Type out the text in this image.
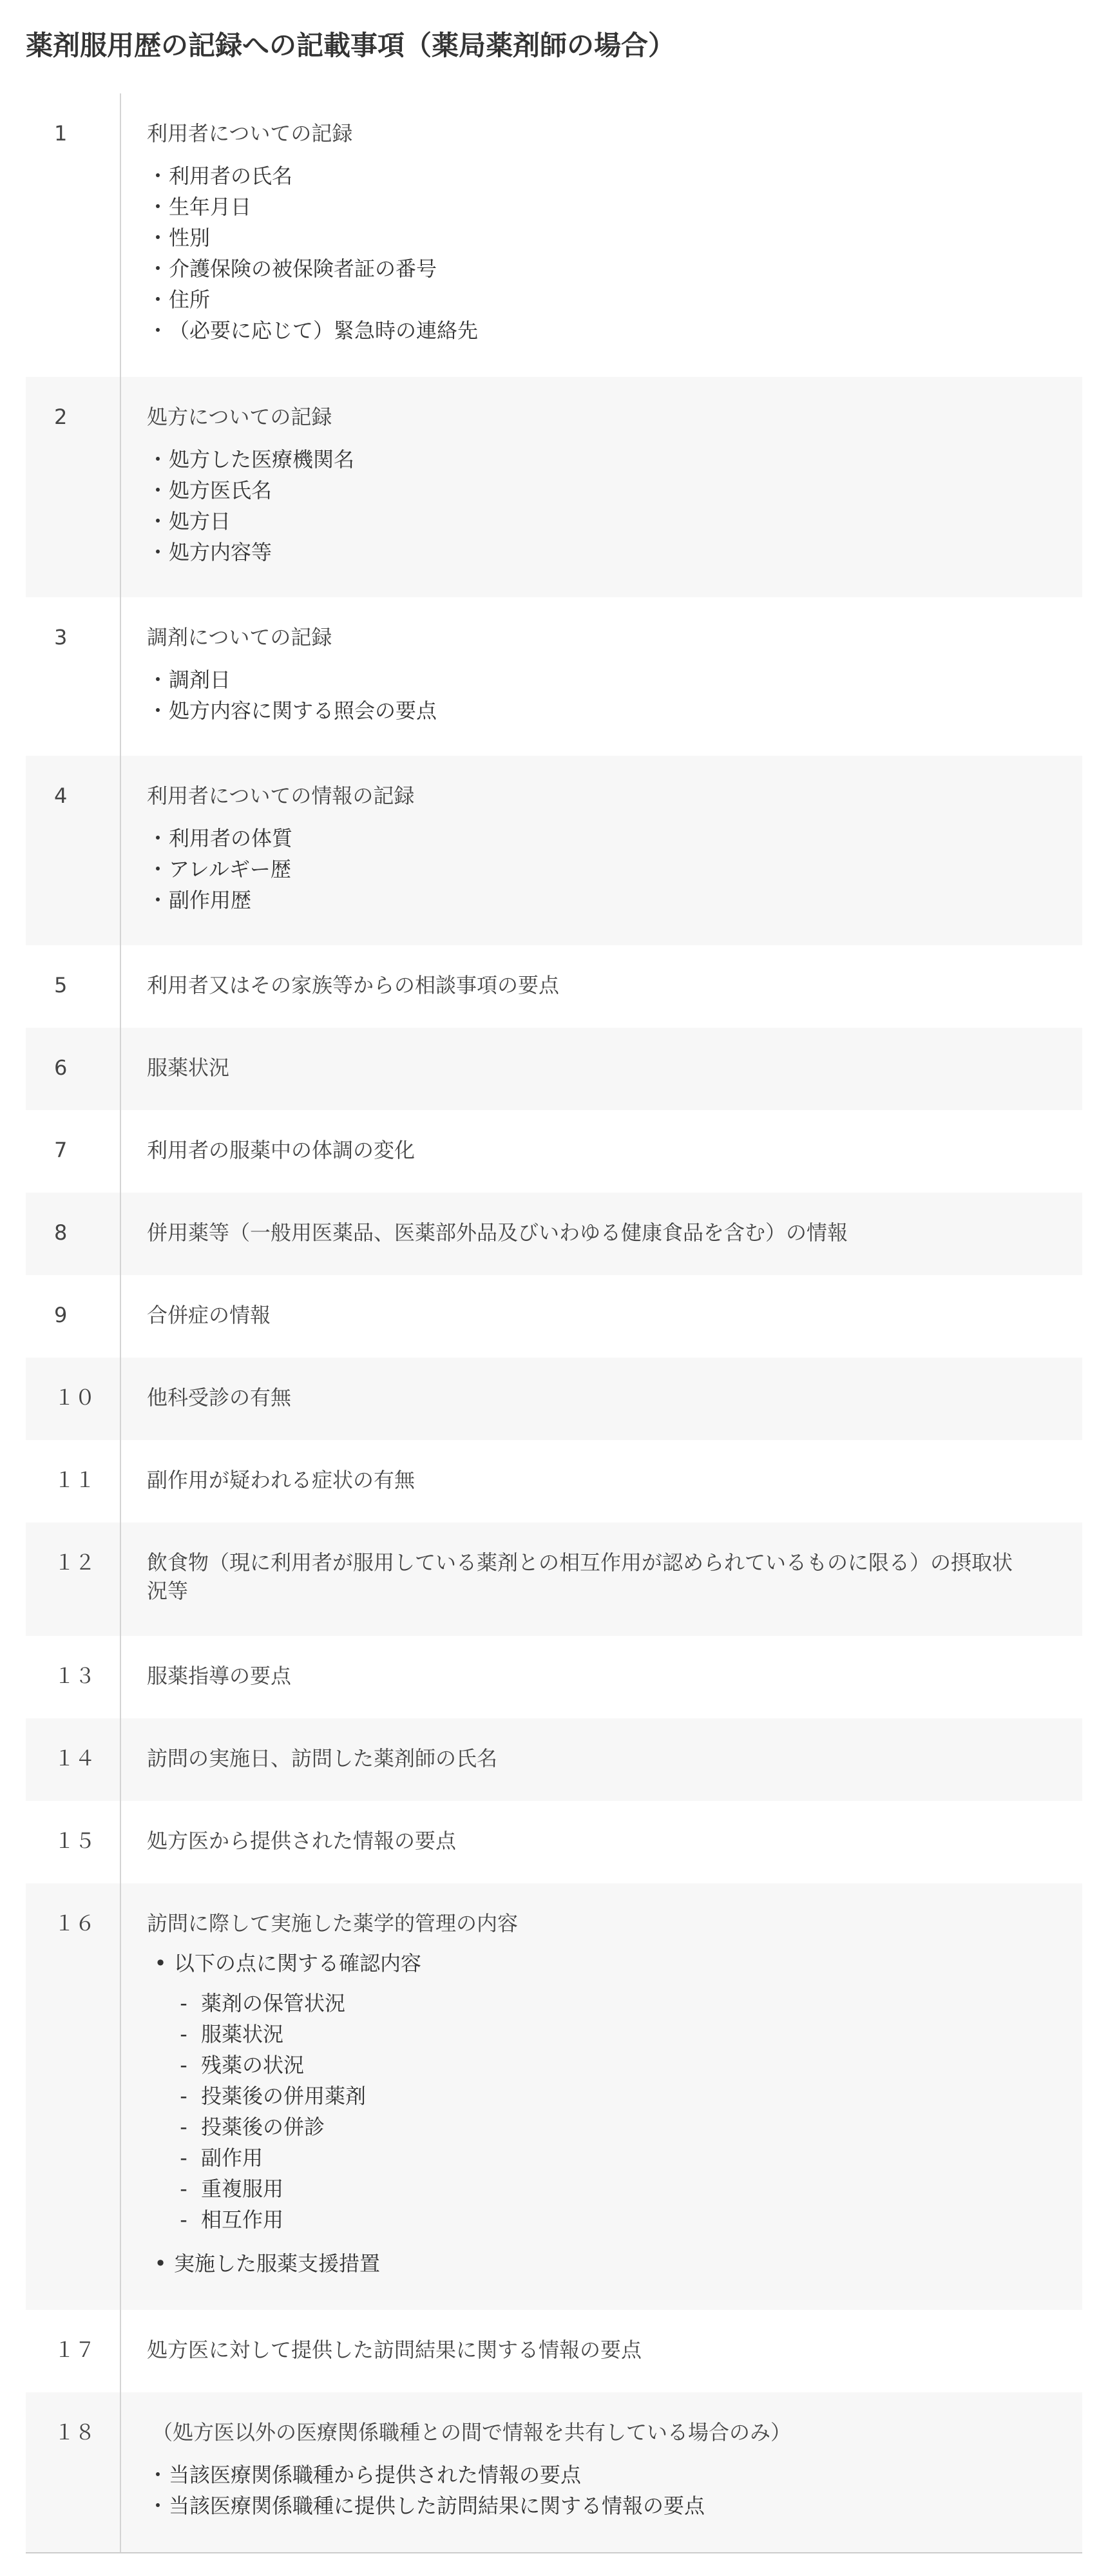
薬剤服用歴の記録への記載事項（薬局薬剤師の場合）
1	利用者についての記録
・ 利用者の氏名
・ 生年月日
・ 性別
・ 介護保険の被保険者証の番号
・ 住所
・ （必要に応じて）緊急時の連絡先
2	処方についての記録
・ 処方した医療機関名
・ 処方医氏名
・ 処方日
・ 処方内容等
3	調剤についての記録
・ 調剤日
・ 処方内容に関する照会の要点
4	利用者についての情報の記録
・ 利用者の体質
・ アレルギー歴
・ 副作用歴
5	利用者又はその家族等からの相談事項の要点
6	服薬状況
7	利用者の服薬中の体調の変化
8	併用薬等（一般用医薬品、医薬部外品及びいわゆる健康食品を含む）の情報
9	合併症の情報
１０	他科受診の有無
１１	副作用が疑われる症状の有無
１２	飲食物（現に利用者が服用している薬剤との相互作用が認められているものに限る）の摂取状況等
１３	服薬指導の要点
１４	訪問の実施日、訪問した薬剤師の氏名
１５	処方医から提供された情報の要点
１６	訪問に際して実施した薬学的管理の内容
• 以下の点に関する確認内容
- 薬剤の保管状況
- 服薬状況
- 残薬の状況
- 投薬後の併用薬剤
- 投薬後の併診
- 副作用
- 重複服用
- 相互作用
• 実施した服薬支援措置
１７	処方医に対して提供した訪問結果に関する情報の要点
１８	（処方医以外の医療関係職種との間で情報を共有している場合のみ）
・ 当該医療関係職種から提供された情報の要点
・ 当該医療関係職種に提供した訪問結果に関する情報の要点
